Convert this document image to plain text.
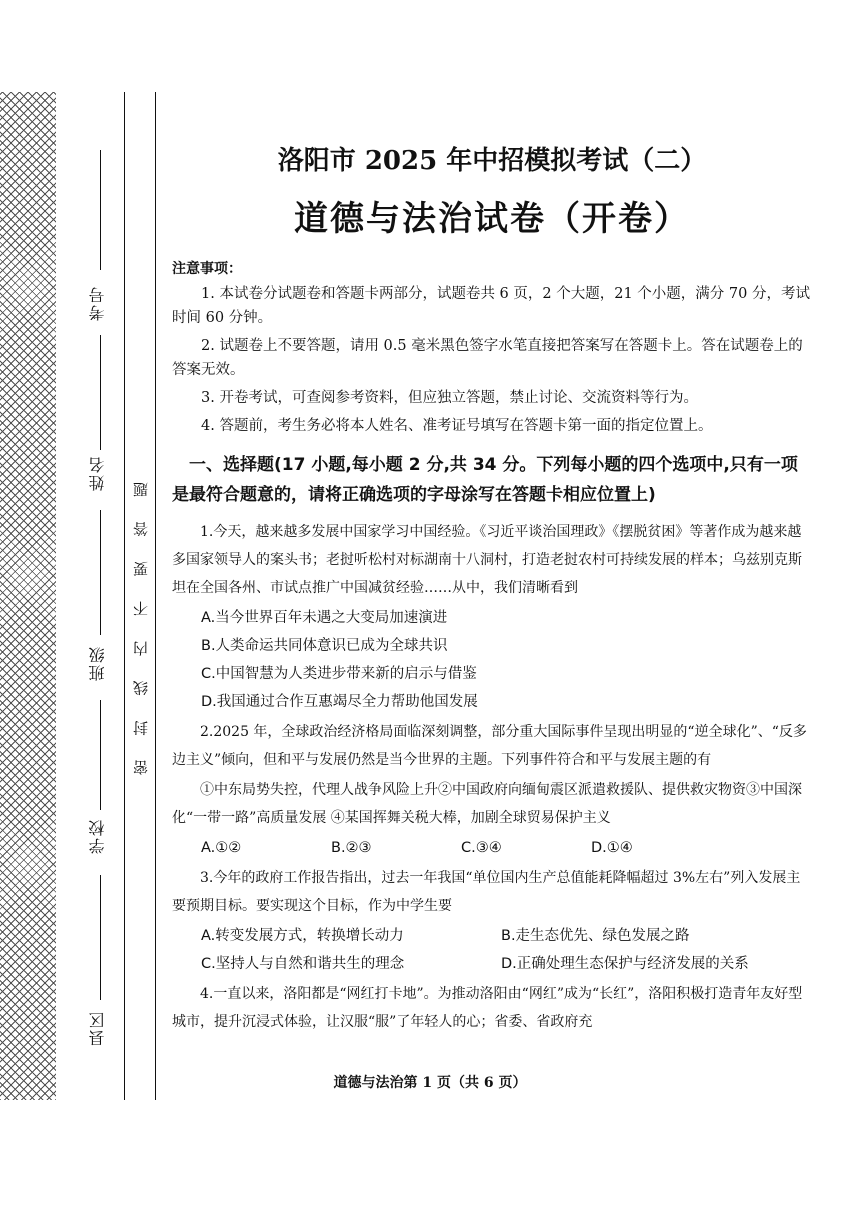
考号
姓名
班级
学校
县区
密 封 线 内 不 要 答 题
洛阳市 2025 年中招模拟考试（二）
道德与法治试卷（开卷）
注意事项：

1. 本试卷分试题卷和答题卡两部分，试题卷共 6 页，2 个大题，21 个小题，满分 70 分，考试时间 60 分钟。

2. 试题卷上不要答题，请用 0.5 毫米黑色签字水笔直接把答案写在答题卡上。答在试题卷上的答案无效。

3. 开卷考试，可查阅参考资料，但应独立答题，禁止讨论、交流资料等行为。

4. 答题前，考生务必将本人姓名、准考证号填写在答题卡第一面的指定位置上。

一、选择题(17 小题,每小题 2 分,共 34 分。下列每小题的四个选项中,只有一项是最符合题意的，请将正确选项的字母涂写在答题卡相应位置上)

1.今天，越来越多发展中国家学习中国经验。《习近平谈治国理政》《摆脱贫困》等著作成为越来越多国家领导人的案头书；老挝听松村对标湖南十八洞村，打造老挝农村可持续发展的样本；乌兹别克斯坦在全国各州、市试点推广中国减贫经验……从中，我们清晰看到

A.当今世界百年未遇之大变局加速演进

B.人类命运共同体意识已成为全球共识

C.中国智慧为人类进步带来新的启示与借鉴

D.我国通过合作互惠竭尽全力帮助他国发展

2.2025 年，全球政治经济格局面临深刻调整，部分重大国际事件呈现出明显的“逆全球化”、“反多边主义”倾向，但和平与发展仍然是当今世界的主题。下列事件符合和平与发展主题的有

①中东局势失控，代理人战争风险上升②中国政府向缅甸震区派遣救援队、提供救灾物资③中国深化“一带一路”高质量发展 ④某国挥舞关税大棒，加剧全球贸易保护主义

A.①②	B.②③	C.③④	D.①④

3.今年的政府工作报告指出，过去一年我国“单位国内生产总值能耗降幅超过 3%左右”列入发展主要预期目标。要实现这个目标，作为中学生要

A.转变发展方式，转换增长动力	B.走生态优先、绿色发展之路
C.坚持人与自然和谐共生的理念	D.正确处理生态保护与经济发展的关系

4.一直以来，洛阳都是“网红打卡地”。为推动洛阳由“网红”成为“长红”，洛阳积极打造青年友好型城市，提升沉浸式体验，让汉服“服”了年轻人的心；省委、省政府充

道德与法治第 1 页（共 6 页）
